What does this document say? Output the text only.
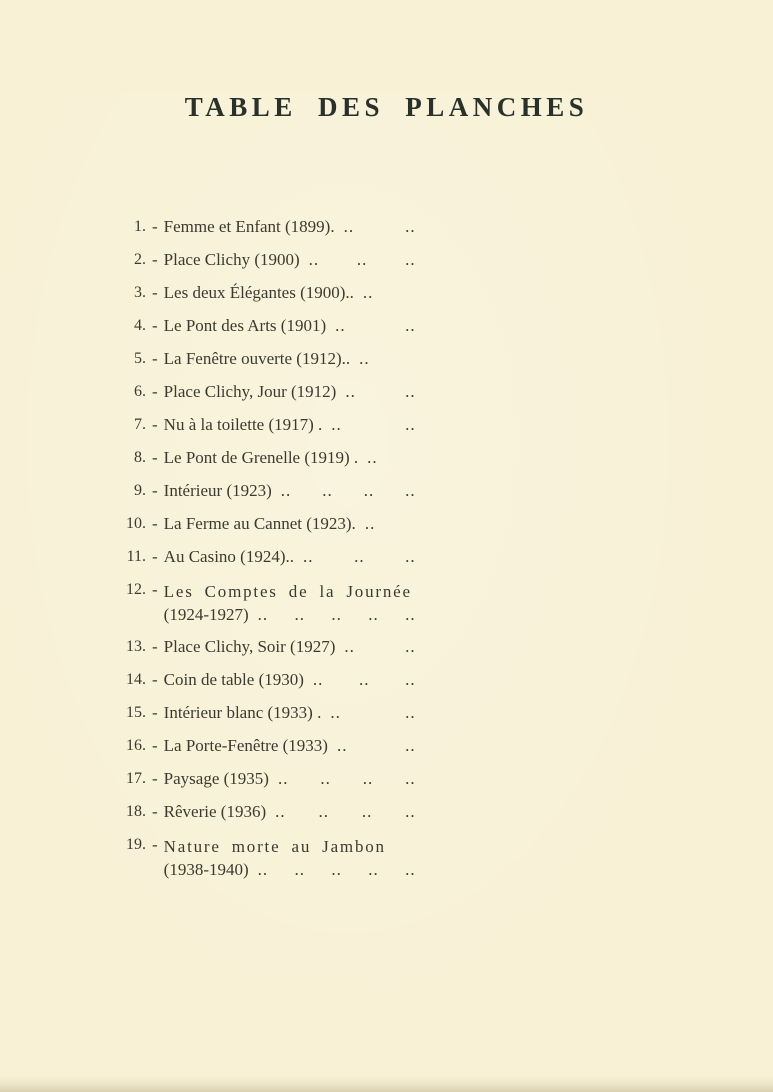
TABLE DES PLANCHES
1. - Femme et Enfant (1899). .. ..
2. - Place Clichy (1900) .. .. ..
3. - Les deux Élégantes (1900).. ..
4. - Le Pont des Arts (1901) .. ..
5. - La Fenêtre ouverte (1912).. ..
6. - Place Clichy, Jour (1912) .. ..
7. - Nu à la toilette (1917) . .. ..
8. - Le Pont de Grenelle (1919) . ..
9. - Intérieur (1923) .. .. .. ..
10. - La Ferme au Cannet (1923). ..
11. - Au Casino (1924).. .. .. ..
12. - Les Comptes de la Journée
(1924-1927) .. .. .. .. ..
13. - Place Clichy, Soir (1927) .. ..
14. - Coin de table (1930) .. .. ..
15. - Intérieur blanc (1933) . .. ..
16. - La Porte-Fenêtre (1933) .. ..
17. - Paysage (1935) .. .. .. ..
18. - Rêverie (1936) .. .. .. ..
19. - Nature morte au Jambon
(1938-1940) .. .. .. .. ..
